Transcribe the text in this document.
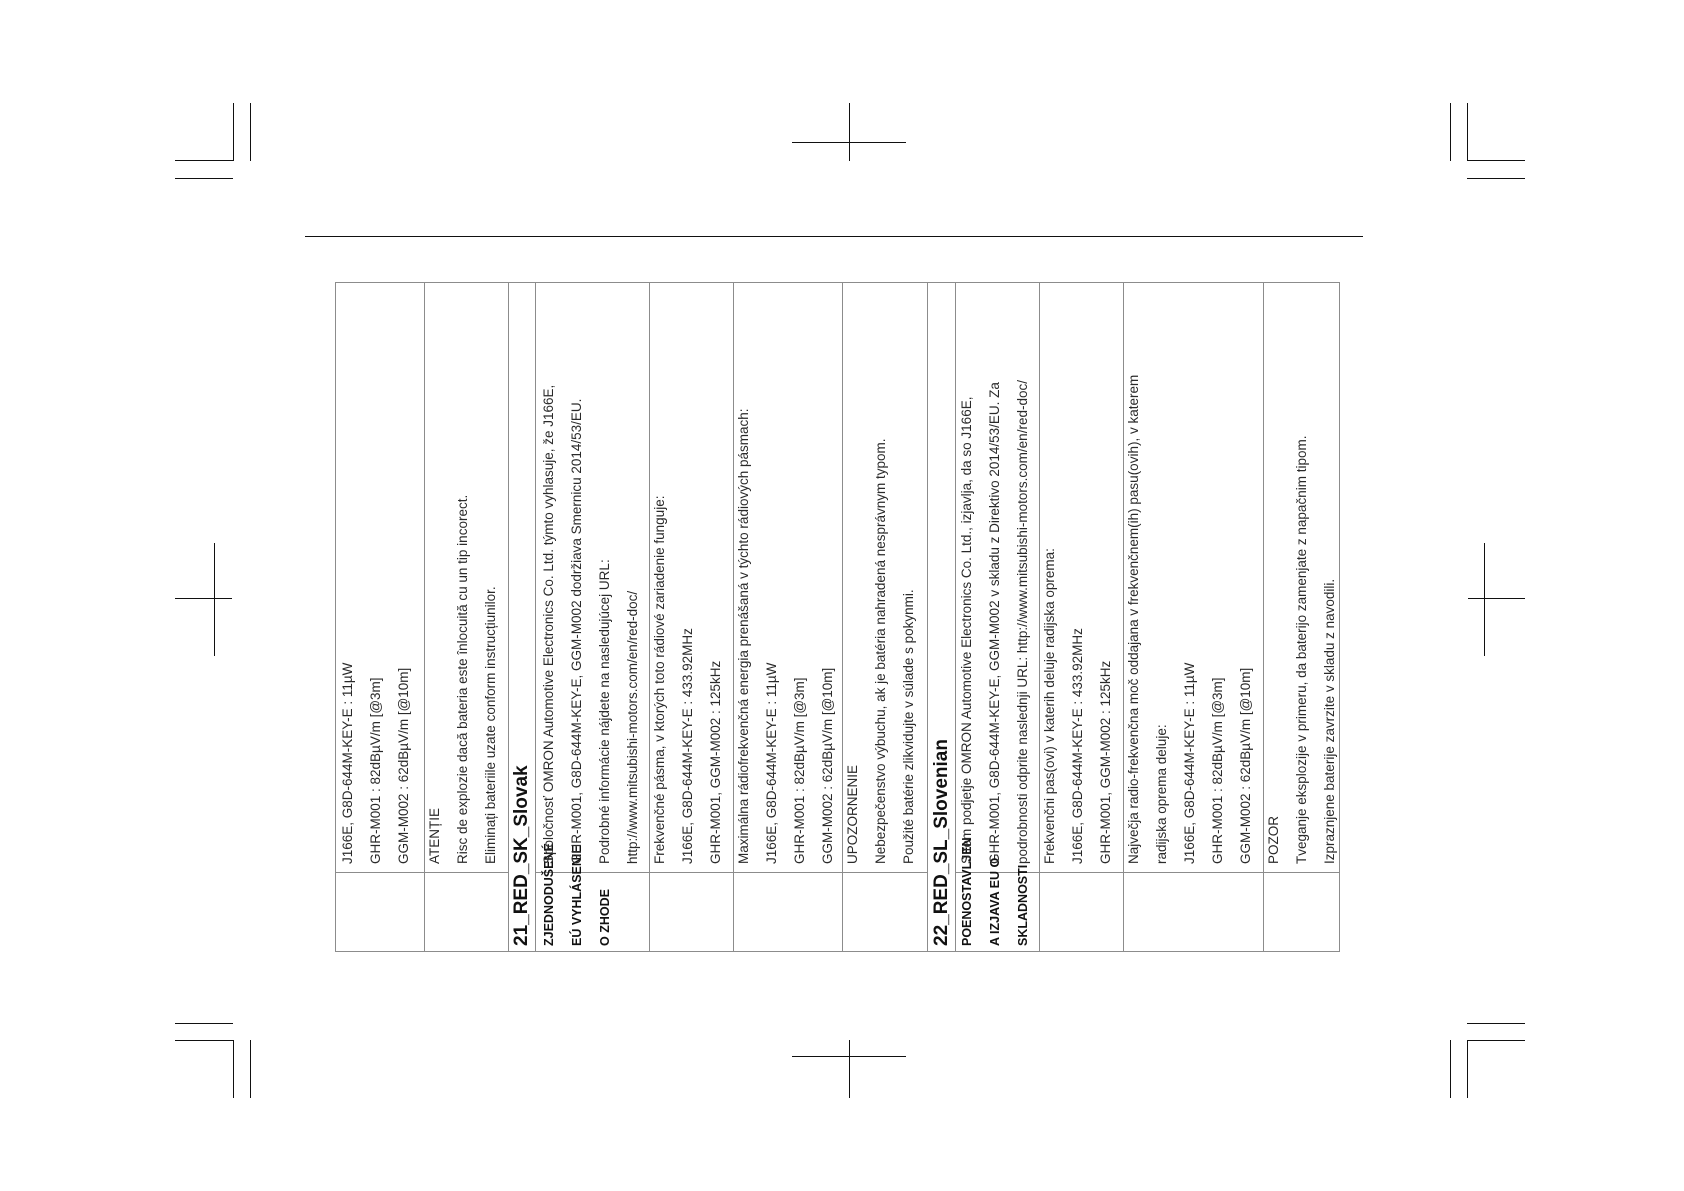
J166E, G8D-644M-KEY-E : 11µW GHR-M001 : 82dBµV/m [@3m] GGM-M002 : 62dBµV/m [@10m] ATENȚIE Risc de explozie dacă bateria este înlocuită cu un tip incorect. Eliminați bateriile uzate conform instrucțiunilor. 21_RED_SK_Slovak ZJEDNODUŠENÉ EÚ VYHLÁSENIE O ZHODE
Spoločnosť OMRON Automotive Electronics Co. Ltd. týmto vyhlasuje, že J166E, GHR-M001, G8D-644M-KEY-E, GGM-M002 dodržiava Smernicu 2014/53/EU. Podrobné informácie nájdete na nasledujúcej URL: http://www.mitsubishi-motors.com/en/red-doc/ Frekvenčné pásma, v ktorých toto rádiové zariadenie funguje: J166E, G8D-644M-KEY-E : 433.92MHz GHR-M001, GGM-M002 : 125kHz Maximálna rádiofrekvenčná energia prenášaná v týchto rádiových pásmach: J166E, G8D-644M-KEY-E : 11µW GHR-M001 : 82dBµV/m [@3m] GGM-M002 : 62dBµV/m [@10m] UPOZORNENIE Nebezpečenstvo výbuchu, ak je batéria nahradená nesprávnym typom. Použité batérie zlikvidujte v súlade s pokynmi. 22_RED_SL_Slovenian POENOSTAVLJEN A IZJAVA EU O SKLADNOSTI
S tem podjetje OMRON Automotive Electronics Co. Ltd., izjavlja, da so J166E, GHR-M001, G8D-644M-KEY-E, GGM-M002 v skladu z Direktivo 2014/53/EU. Za podrobnosti odprite naslednji URL: http://www.mitsubishi-motors.com/en/red-doc/ Frekvenčni pas(ovi) v katerih deluje radijska oprema: J166E, G8D-644M-KEY-E : 433.92MHz GHR-M001, GGM-M002 : 125kHz Največja radio-frekvenčna moč oddajana v frekvenčnem(ih) pasu(ovih), v katerem radijska oprema deluje: J166E, G8D-644M-KEY-E : 11µW GHR-M001 : 82dBµV/m [@3m] GGM-M002 : 62dBµV/m [@10m] POZOR Tveganje eksplozije v primeru, da baterijo zamenjate z napačnim tipom. Izpraznjene baterije zavrzite v skladu z navodili.
